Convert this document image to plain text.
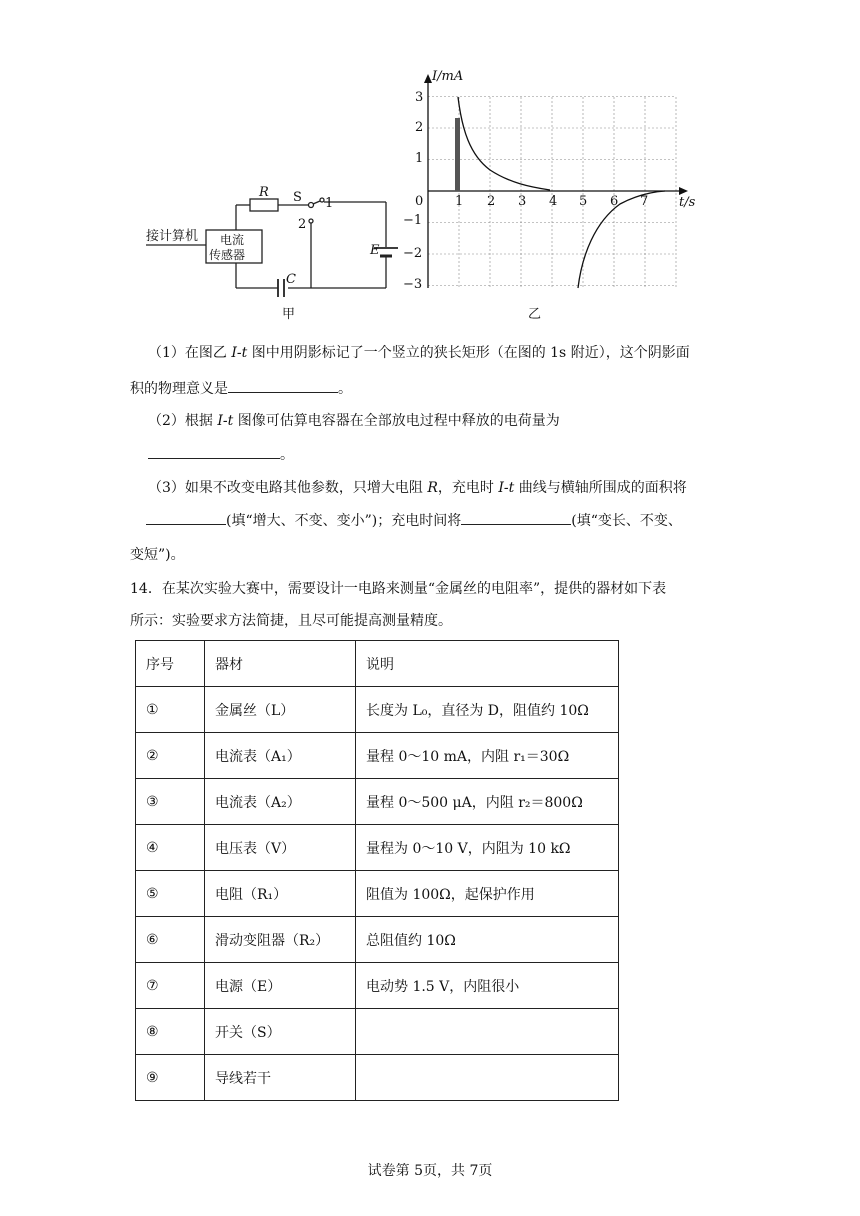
R S 1
2
E
C
接计算机 电流
传感器
甲
I/mA
t/s
0 1 2 3 4 5 6 7
3
2
1
−1
−2
−3
乙
（1）在图乙 I-t 图中用阴影标记了一个竖立的狭长矩形（在图的 1s 附近），这个阴影面
积的物理意义是	。
（2）根据 I-t 图像可估算电容器在全部放电过程中释放的电荷量为
。
（3）如果不改变电路其他参数，只增大电阻 R，充电时 I-t 曲线与横轴所围成的面积将
(填“增大、不变、变小”)；充电时间将	(填“变长、不变、
变短”)。
14．在某次实验大赛中，需要设计一电路来测量“金属丝的电阻率”，提供的器材如下表
所示：实验要求方法简捷，且尽可能提高测量精度。
序号	器材	说明
①	金属丝（L）	长度为 L₀，直径为 D，阻值约 10Ω
②	电流表（A₁）	量程 0～10 mA，内阻 r₁＝30Ω
③	电流表（A₂）	量程 0～500 μA，内阻 r₂＝800Ω
④	电压表（V）	量程为 0～10 V，内阻为 10 kΩ
⑤	电阻（R₁）	阻值为 100Ω，起保护作用
⑥	滑动变阻器（R₂）	总阻值约 10Ω
⑦	电源（E）	电动势 1.5 V，内阻很小
⑧	开关（S）	
⑨	导线若干	
试卷第 5页，共 7页
